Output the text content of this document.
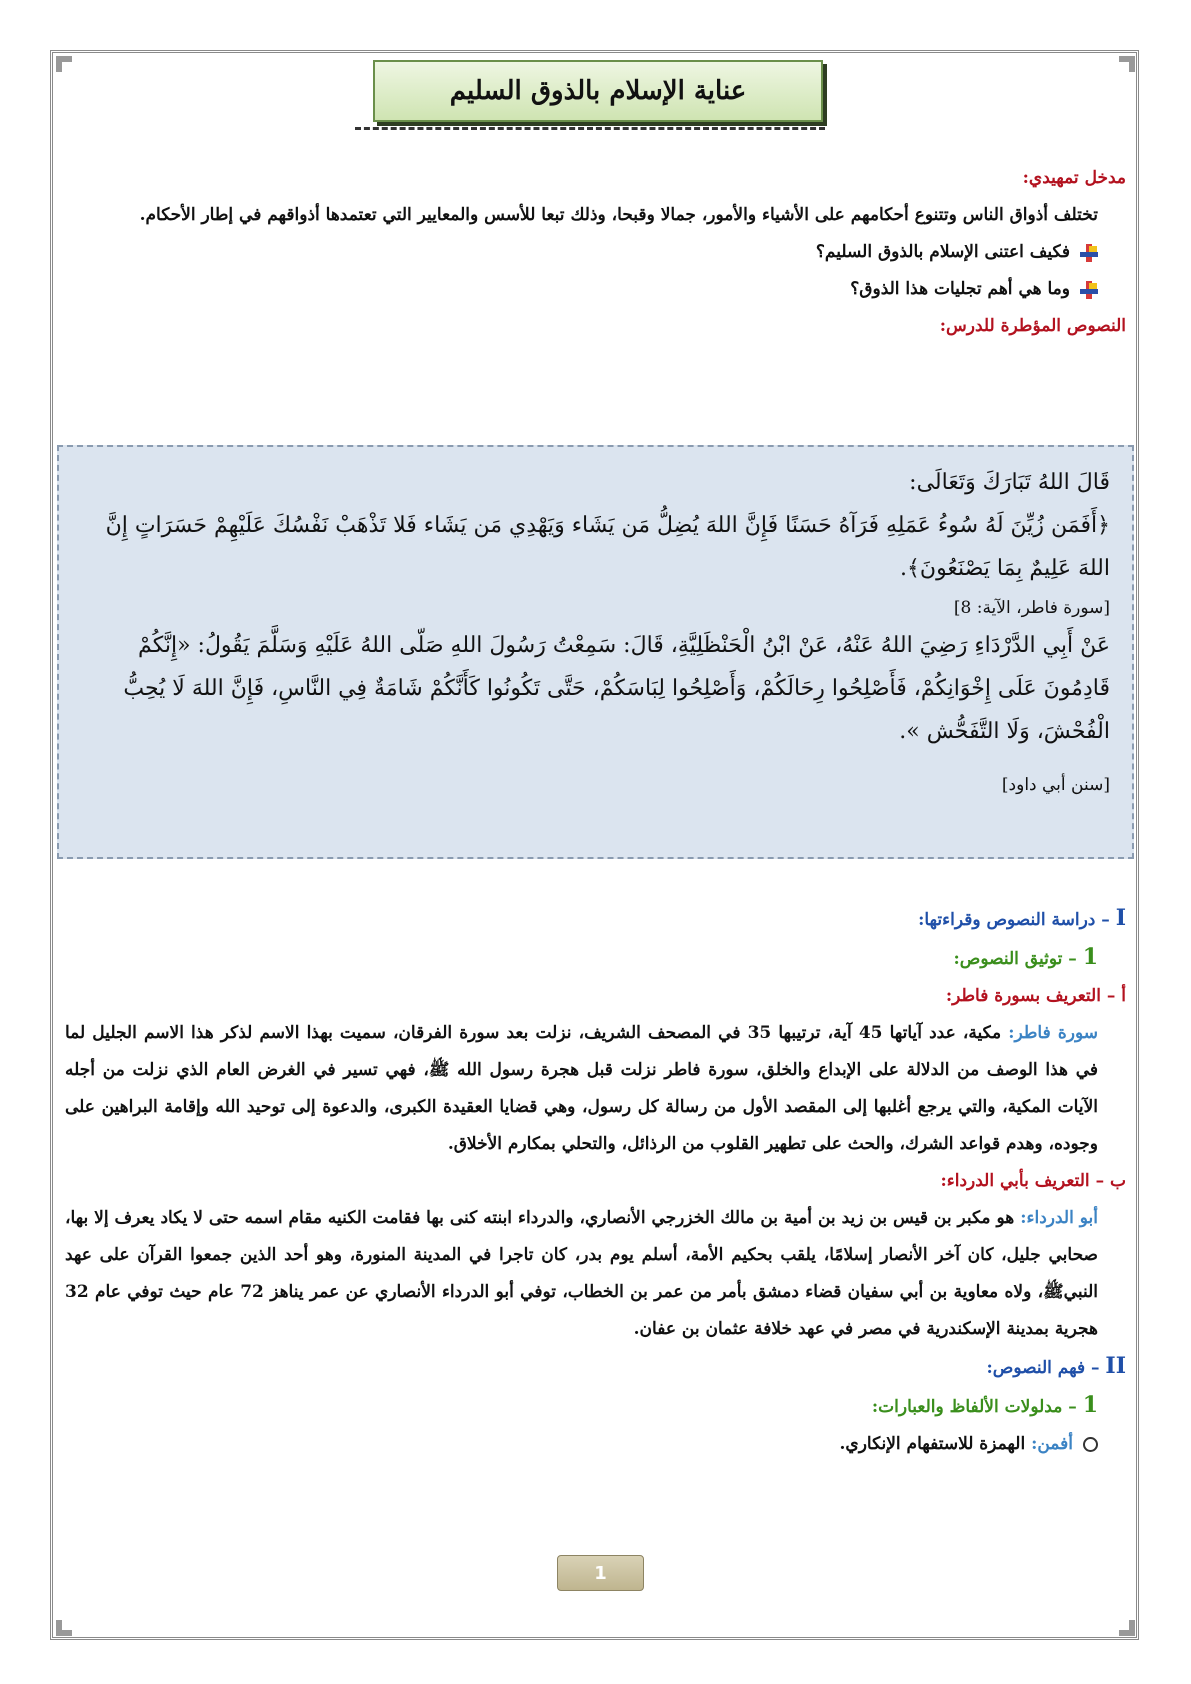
عناية الإسلام بالذوق السليم
مدخل تمهيدي:

تختلف أذواق الناس وتتنوع أحكامهم على الأشياء والأمور، جمالا وقبحا، وذلك تبعا للأسس والمعايير التي تعتمدها أذواقهم في إطار الأحكام.

فكيف اعتنى الإسلام بالذوق السليم؟
وما هي أهم تجليات هذا الذوق؟
النصوص المؤطرة للدرس:
قَالَ اللهُ تَبَارَكَ وَتَعَالَى:
﴿أَفَمَن زُيِّنَ لَهُ سُوءُ عَمَلِهِ فَرَآهُ حَسَنًا فَإِنَّ اللهَ يُضِلُّ مَن يَشَاء وَيَهْدِي مَن يَشَاء فَلا تَذْهَبْ نَفْسُكَ عَلَيْهِمْ حَسَرَاتٍ إِنَّ اللهَ عَلِيمٌ بِمَا يَصْنَعُونَ﴾.
[سورة فاطر، الآية: 8]
عَنْ أَبِي الدَّرْدَاءِ رَضِيَ اللهُ عَنْهُ، عَنْ ابْنُ الْحَنْظَلِيَّةِ، قَالَ: سَمِعْتُ رَسُولَ اللهِ صَلّى اللهُ عَلَيْهِ وَسَلَّمَ يَقُولُ: «إِنَّكُمْ قَادِمُونَ عَلَى إِخْوَانِكُمْ، فَأَصْلِحُوا رِحَالَكُمْ، وَأَصْلِحُوا لِبَاسَكُمْ، حَتَّى تَكُونُوا كَأَنَّكُمْ شَامَةٌ فِي النَّاسِ، فَإِنَّ اللهَ لَا يُحِبُّ الْفُحْشَ، وَلَا التَّفَحُّش ».
[سنن أبي داود]
I – دراسة النصوص وقراءتها:
1 – توثيق النصوص:
أ – التعريف بسورة فاطر:

سورة فاطر: مكية، عدد آياتها 45 آية، ترتيبها 35 في المصحف الشريف، نزلت بعد سورة الفرقان، سميت بهذا الاسم لذكر هذا الاسم الجليل لما في هذا الوصف من الدلالة على الإبداع والخلق، سورة فاطر نزلت قبل هجرة رسول الله ﷺ، فهي تسير في الغرض العام الذي نزلت من أجله الآيات المكية، والتي يرجع أغلبها إلى المقصد الأول من رسالة كل رسول، وهي قضايا العقيدة الكبرى، والدعوة إلى توحيد الله وإقامة البراهين على وجوده، وهدم قواعد الشرك، والحث على تطهير القلوب من الرذائل، والتحلي بمكارم الأخلاق.

ب – التعريف بأبي الدرداء:

أبو الدرداء: هو مكبر بن قيس بن زيد بن أمية بن مالك الخزرجي الأنصاري، والدرداء ابنته كنى بها فقامت الكنيه مقام اسمه حتى لا يكاد يعرف إلا بها، صحابي جليل، كان آخر الأنصار إسلامًا، يلقب بحكيم الأمة، أسلم يوم بدر، كان تاجرا في المدينة المنورة، وهو أحد الذين جمعوا القرآن على عهد النبيﷺ، ولاه معاوية بن أبي سفيان قضاء دمشق بأمر من عمر بن الخطاب، توفي أبو الدرداء الأنصاري عن عمر يناهز 72 عام حيث توفي عام 32 هجرية بمدينة الإسكندرية في مصر في عهد خلافة عثمان بن عفان.

II – فهم النصوص:
1 – مدلولات الألفاظ والعبارات:
أفمن: الهمزة للاستفهام الإنكاري.
1
